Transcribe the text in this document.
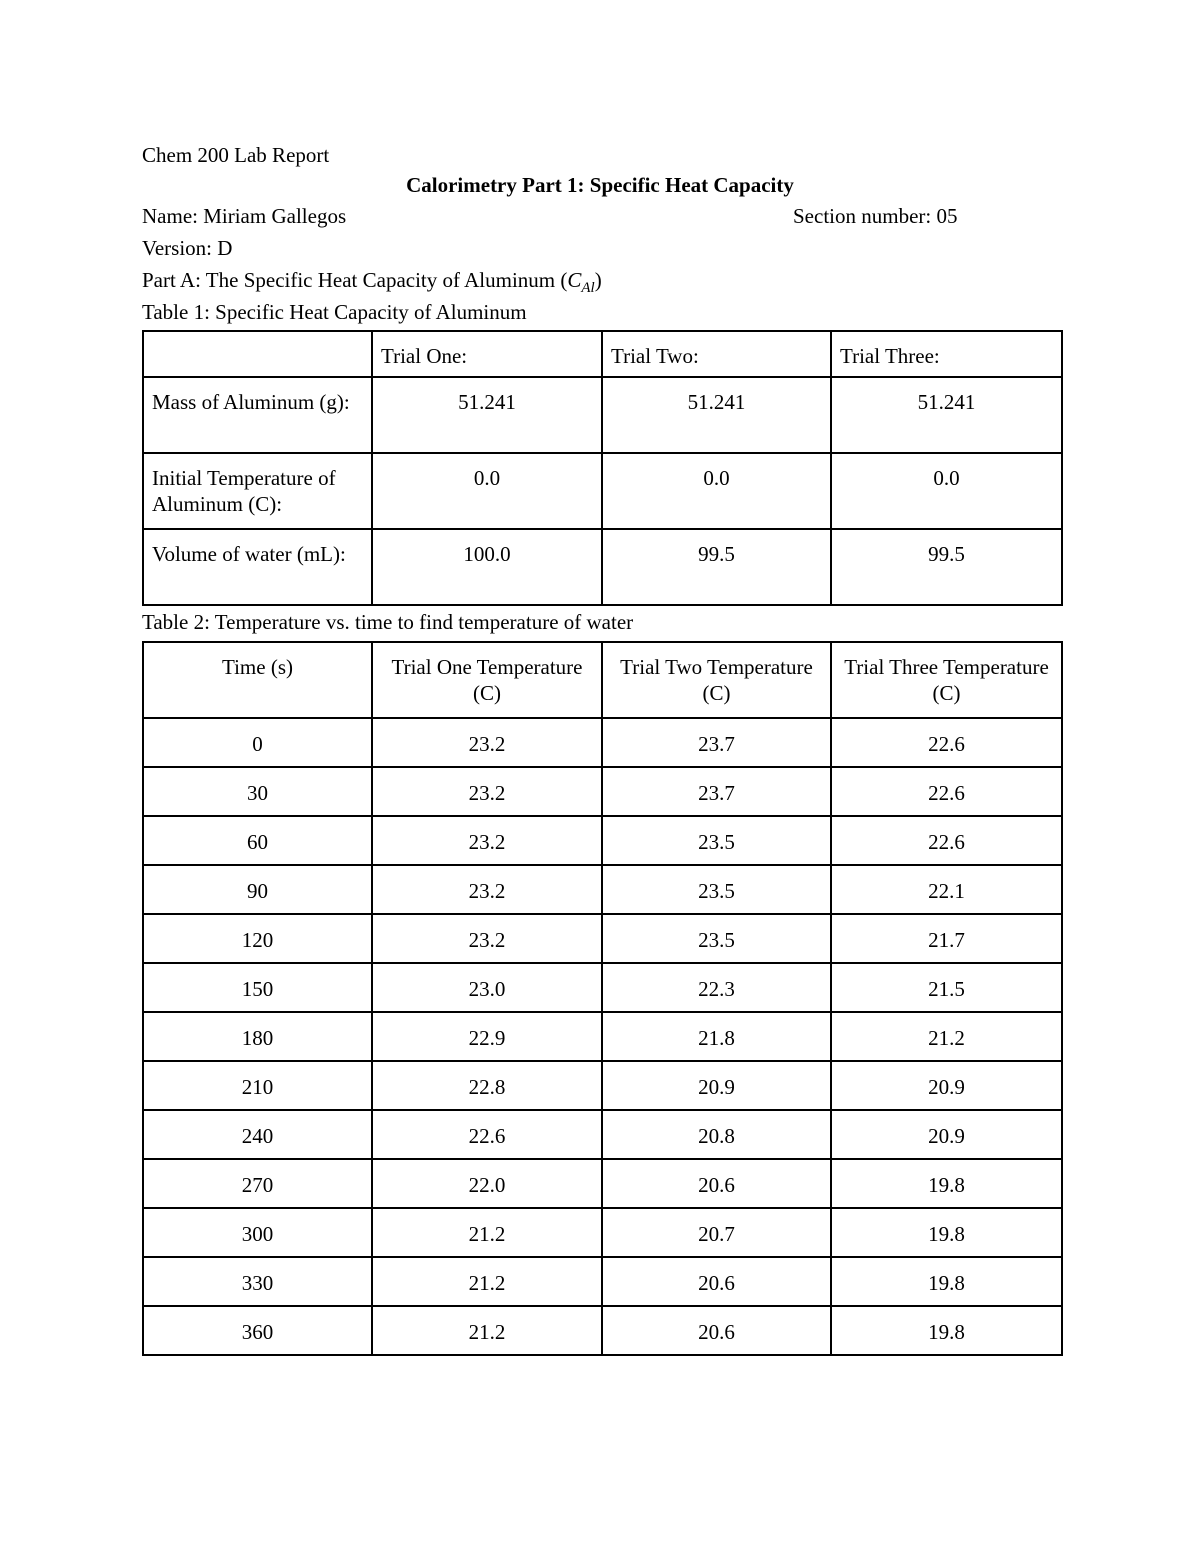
Chem 200 Lab Report
Calorimetry Part 1: Specific Heat Capacity
Name: Miriam Gallegos	Section number: 05
Version: D
Part A: The Specific Heat Capacity of Aluminum $(C_{Al})$
Table 1: Specific Heat Capacity of Aluminum
	Trial One:	Trial Two:	Trial Three:
Mass of Aluminum (g):	51.241	51.241	51.241
Initial Temperature of Aluminum (C):	0.0	0.0	0.0
Volume of water (mL):	100.0	99.5	99.5
Table 2: Temperature vs. time to find temperature of water
Time (s)	Trial One Temperature (C)	Trial Two Temperature (C)	Trial Three Temperature (C)
0	23.2	23.7	22.6
30	23.2	23.7	22.6
60	23.2	23.5	22.6
90	23.2	23.5	22.1
120	23.2	23.5	21.7
150	23.0	22.3	21.5
180	22.9	21.8	21.2
210	22.8	20.9	20.9
240	22.6	20.8	20.9
270	22.0	20.6	19.8
300	21.2	20.7	19.8
330	21.2	20.6	19.8
360	21.2	20.6	19.8
